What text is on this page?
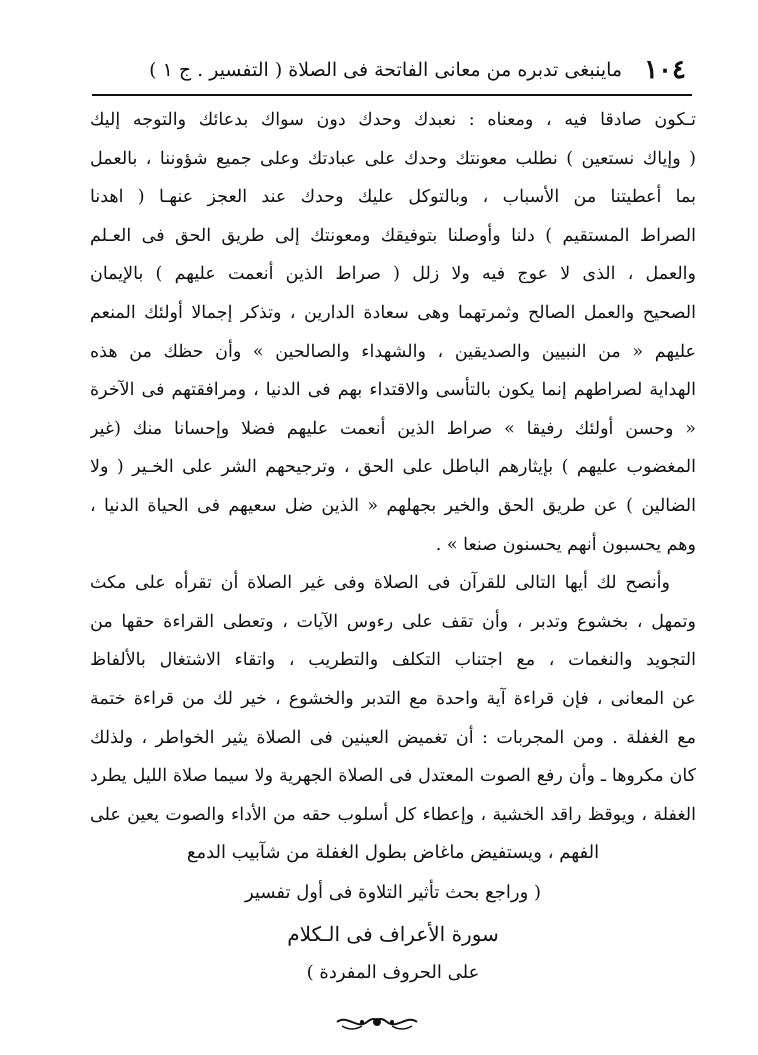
١٠٤
ماينبغى تدبره من معانى الفاتحة فى الصلاة ( التفسير . ج ١ )
تـكون صادقا فيه ، ومعناه : نعبدك وحدك دون سواك بدعائك والتوجه إليك
( وإياك نستعين ) نطلب معونتك وحدك على عبادتك وعلى جميع شؤوننا ، بالعمل
بما أعطيتنا من الأسباب ، وبالتوكل عليك وحدك عند العجز عنهـا ( اهدنا
الصراط المستقيم ) دلنا وأوصلنا بتوفيقك ومعونتك إلى طريق الحق فى العـلم
والعمل ، الذى لا عوج فيه ولا زلل ( صراط الذين أنعمت عليهم ) بالإيمان
الصحيح والعمل الصالح وثمرتهما وهى سعادة الدارين ، وتذكر إجمالا أولئك المنعم
عليهم « من النبيين والصديقين ، والشهداء والصالحين » وأن حظك من هذه
الهداية لصراطهم إنما يكون بالتأسى والاقتداء بهم فى الدنيا ، ومرافقتهم فى الآخرة
« وحسن أولئك رفيقا » صراط الذين أنعمت عليهم فضلا وإحسانا منك (غير
المغضوب عليهم ) بإيثارهم الباطل على الحق ، وترجيحهم الشر على الخـير ( ولا
الضالين ) عن طريق الحق والخير بجهلهم « الذين ضل سعيهم فى الحياة الدنيا ،
وهم يحسبون أنهم يحسنون صنعا » .
وأنصح لك أيها التالى للقرآن فى الصلاة وفى غير الصلاة أن تقرأه على مكث
وتمهل ، بخشوع وتدبر ، وأن تقف على رءوس الآيات ، وتعطى القراءة حقها من
التجويد والنغمات ، مع اجتناب التكلف والتطريب ، واتقاء الاشتغال بالألفاظ
عن المعانى ، فإن قراءة آية واحدة مع التدبر والخشوع ، خير لك من قراءة ختمة
مع الغفلة . ومن المجربات : أن تغميض العينين فى الصلاة يثير الخواطر ، ولذلك
كان مكروها ـ وأن رفع الصوت المعتدل فى الصلاة الجهرية ولا سيما صلاة الليل يطرد
الغفلة ، ويوقظ راقد الخشية ، وإعطاء كل أسلوب حقه من الأداء والصوت يعين على
الفهم ، ويستفيض ماغاض بطول الغفلة من شآبيب الدمع
( وراجع بحث تأثير التلاوة فى أول تفسير
سورة الأعراف فى الـكلام
على الحروف المفردة )
